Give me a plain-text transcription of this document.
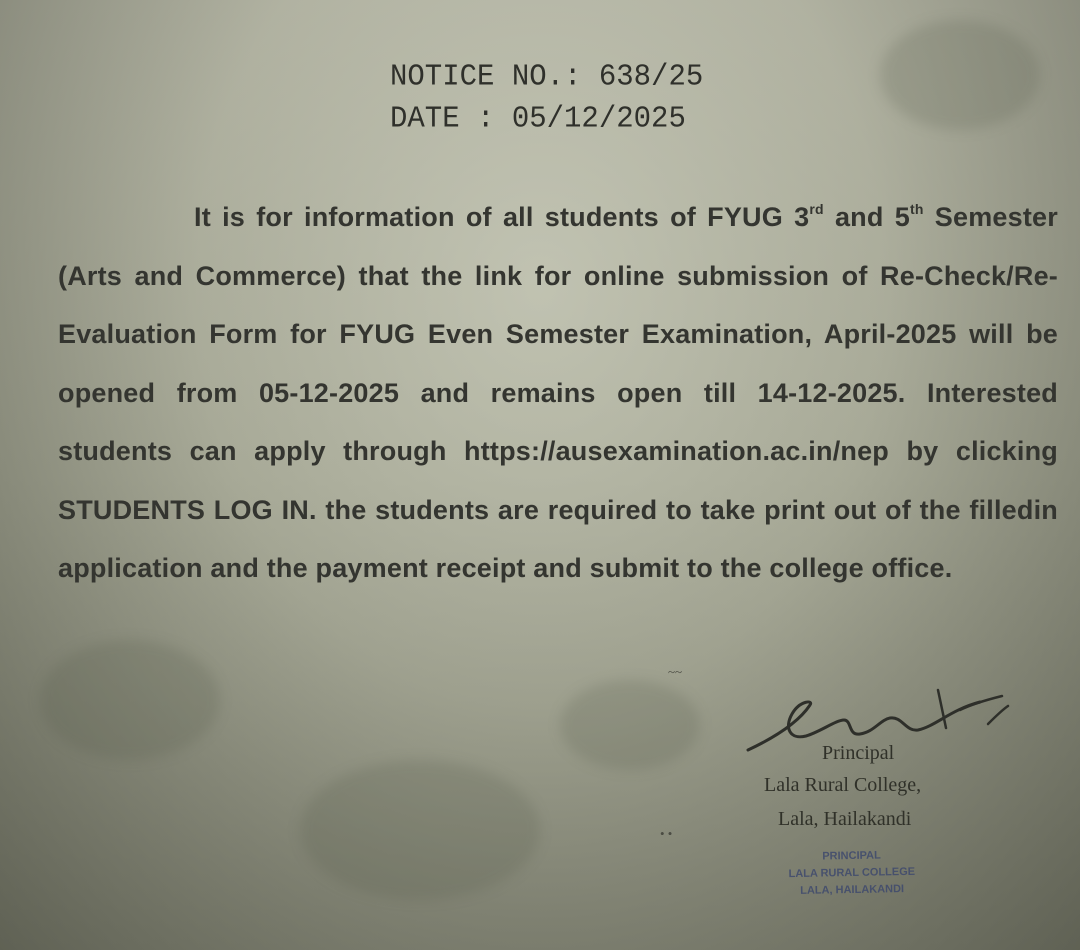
NOTICE NO.: 638/25
DATE : 05/12/2025
It is for information of all students of FYUG 3rd and 5th Semester (Arts and Commerce) that the link for online submission of Re-Check/Re-Evaluation Form for FYUG Even Semester Examination, April-2025 will be opened from 05-12-2025 and remains open till 14-12-2025. Interested students can apply through https://ausexamination.ac.in/nep by clicking STUDENTS LOG IN. the students are required to take print out of the filledin application and the payment receipt and submit to the college office.
~~
• •
Principal
Lala Rural College,
Lala, Hailakandi
PRINCIPAL
LALA RURAL COLLEGE
LALA, HAILAKANDI
